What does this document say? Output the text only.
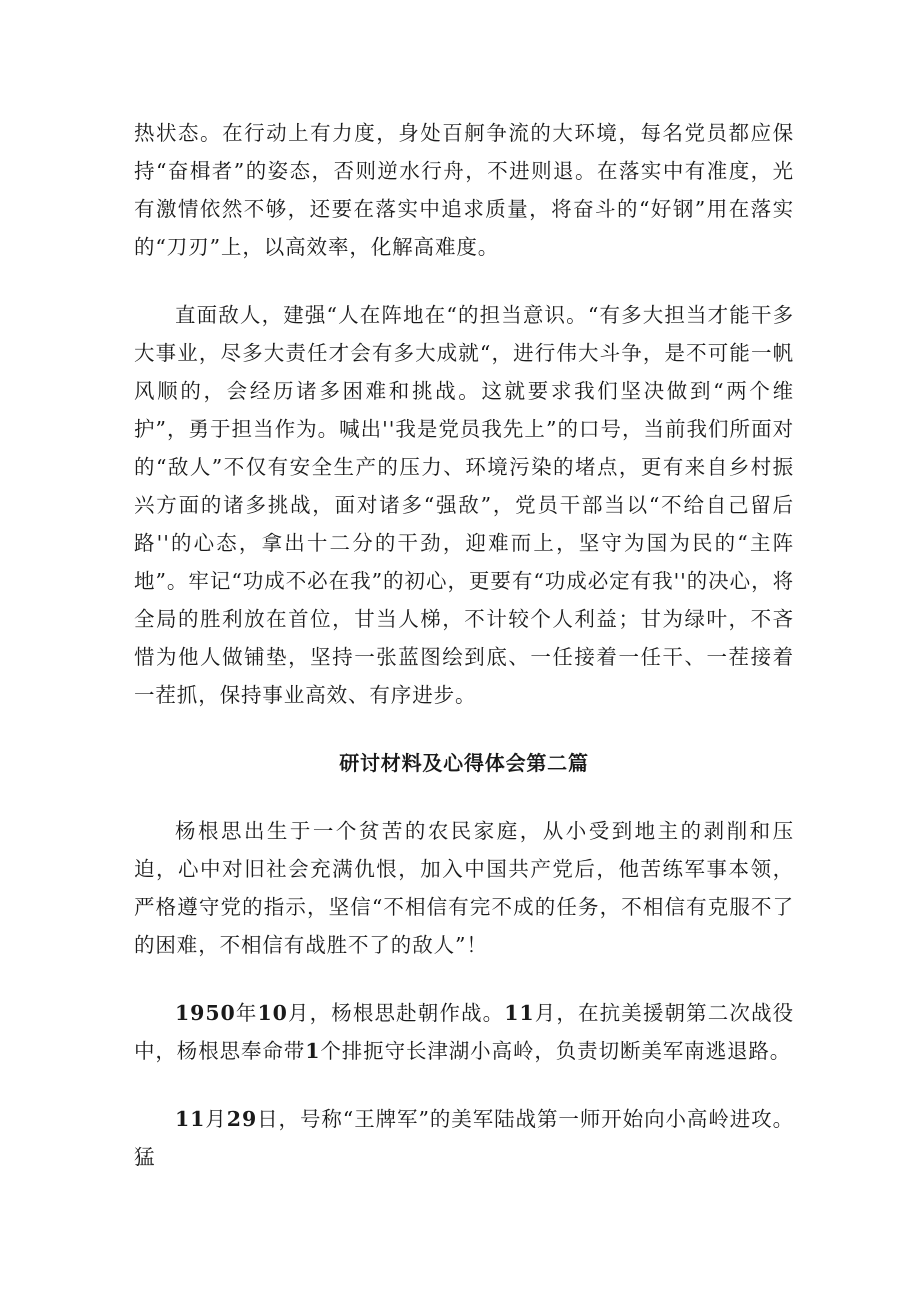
热状态。在行动上有力度，身处百舸争流的大环境，每名党员都应保持“奋楫者”的姿态，否则逆水行舟，不进则退。在落实中有准度，光有激情依然不够，还要在落实中追求质量，将奋斗的“好钢”用在落实的“刀刃”上，以高效率，化解高难度。

直面敌人，建强“人在阵地在“的担当意识。“有多大担当才能干多大事业，尽多大责任才会有多大成就“，进行伟大斗争，是不可能一帆风顺的，会经历诸多困难和挑战。这就要求我们坚决做到“两个维护”，勇于担当作为。喊出''我是党员我先上”的口号，当前我们所面对的“敌人”不仅有安全生产的压力、环境污染的堵点，更有来自乡村振兴方面的诸多挑战，面对诸多“强敌”，党员干部当以“不给自己留后路''的心态，拿出十二分的干劲，迎难而上，坚守为国为民的“主阵地”。牢记“功成不必在我”的初心，更要有“功成必定有我''的决心，将全局的胜利放在首位，甘当人梯，不计较个人利益；甘为绿叶，不吝惜为他人做铺垫，坚持一张蓝图绘到底、一任接着一任干、一茬接着一茬抓，保持事业高效、有序进步。

研讨材料及心得体会第二篇

杨根思出生于一个贫苦的农民家庭，从小受到地主的剥削和压迫，心中对旧社会充满仇恨，加入中国共产党后，他苦练军事本领，严格遵守党的指示，坚信“不相信有完不成的任务，不相信有克服不了的困难，不相信有战胜不了的敌人”！

1950年10月，杨根思赴朝作战。11月，在抗美援朝第二次战役中，杨根思奉命带1个排扼守长津湖小高岭，负责切断美军南逃退路。

11月29日，号称“王牌军”的美军陆战第一师开始向小高岭进攻。猛
